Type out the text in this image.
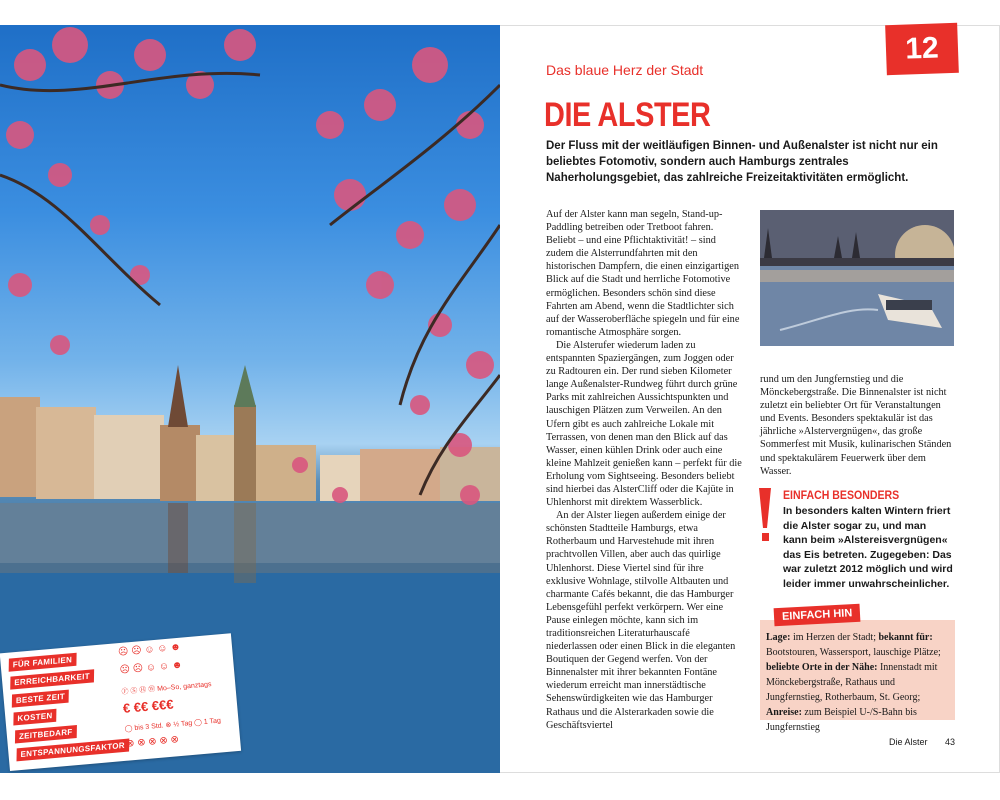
FÜR FAMILIEN
ERREICHBARKEIT
BESTE ZEIT
KOSTEN
ZEITBEDARF
ENTSPANNUNGSFAKTOR
☹ ☹ ☺ ☺ ☻
☹ ☹ ☺ ☺ ☻
Ⓕ Ⓢ Ⓗ Ⓦ Mo–So, ganztags
€ €€ €€€
◯ bis 3 Std. ⊗ ½ Tag ◯ 1 Tag
⊗ ⊗ ⊗ ⊗ ⊗
12
Das blaue Herz der Stadt
DIE ALSTER
Der Fluss mit der weitläufigen Binnen- und Außenalster ist nicht nur ein beliebtes Fotomotiv, sondern auch Hamburgs zentrales Naherholungsgebiet, das zahlreiche Freizeitaktivitäten ermöglicht.

Auf der Alster kann man segeln, Stand-up-Paddling betreiben oder Tretboot fahren. Beliebt – und eine Pflichtaktivität! – sind zudem die Alsterrundfahrten mit den historischen Dampfern, die einen einzigartigen Blick auf die Stadt und herrliche Fotomotive ermöglichen. Besonders schön sind diese Fahrten am Abend, wenn die Stadtlichter sich auf der Wasseroberfläche spiegeln und für eine romantische Atmosphäre sorgen.

Die Alsterufer wiederum laden zu entspannten Spaziergängen, zum Joggen oder zu Radtouren ein. Der rund sieben Kilometer lange Außenalster-Rundweg führt durch grüne Parks mit zahlreichen Aussichtspunkten und lauschigen Plätzen zum Verweilen. An den Ufern gibt es auch zahlreiche Lokale mit Terrassen, von denen man den Blick auf das Wasser, einen kühlen Drink oder auch eine kleine Mahlzeit genießen kann – perfekt für die Erholung vom Sightseeing. Besonders beliebt sind hierbei das AlsterCliff oder die Kajüte in Uhlenhorst mit direktem Wasserblick.

An der Alster liegen außerdem einige der schönsten Stadtteile Hamburgs, etwa Rotherbaum und Harvestehude mit ihren prachtvollen Villen, aber auch das quirlige Uhlenhorst. Diese Viertel sind für ihre exklusive Wohnlage, stilvolle Altbauten und charmante Cafés bekannt, die das Hamburger Lebensgefühl perfekt verkörpern. Wer eine Pause einlegen möchte, kann sich im traditionsreichen Literaturhauscafé niederlassen oder einen Blick in die eleganten Boutiquen der Gegend werfen. Von der Binnenalster mit ihrer bekannten Fontäne wiederum erreicht man innerstädtische Sehenswürdigkeiten wie das Hamburger Rathaus und die Alsterarkaden sowie die Geschäftsviertel

rund um den Jungfernstieg und die Mönckebergstraße. Die Binnenalster ist nicht zuletzt ein beliebter Ort für Veranstaltungen und Events. Besonders spektakulär ist das jährliche »Alstervergnügen«, das große Sommerfest mit Musik, kulinarischen Ständen und spektakulärem Feuerwerk über dem Wasser.
EINFACH BESONDERS
In besonders kalten Wintern friert die Alster sogar zu, und man kann beim »Alstereisvergnügen« das Eis betreten. Zugegeben: Das war zuletzt 2012 möglich und wird leider immer unwahrscheinlicher.
EINFACH HIN
Lage: im Herzen der Stadt; bekannt für: Bootstouren, Wassersport, lauschige Plätze; beliebte Orte in der Nähe: Innenstadt mit Mönckebergstraße, Rathaus und Jungfernstieg, Rotherbaum, St. Georg; Anreise: zum Beispiel U-/S-Bahn bis Jungfernstieg
Die Alster 43
